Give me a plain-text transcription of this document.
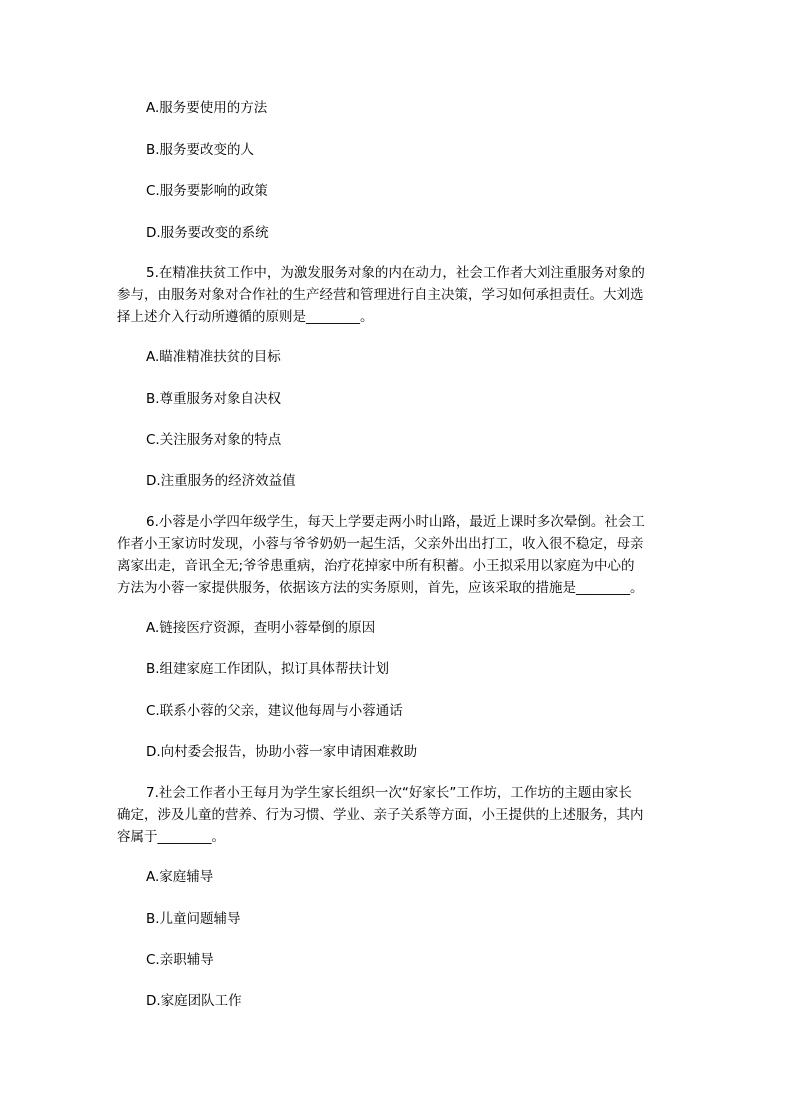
A.服务要使用的方法
B.服务要改变的人
C.服务要影响的政策
D.服务要改变的系统
5.在精准扶贫工作中，为激发服务对象的内在动力，社会工作者大刘注重服务对象的
参与，由服务对象对合作社的生产经营和管理进行自主决策，学习如何承担责任。大刘选
择上述介入行动所遵循的原则是________。
A.瞄准精准扶贫的目标
B.尊重服务对象自决权
C.关注服务对象的特点
D.注重服务的经济效益值
6.小蓉是小学四年级学生，每天上学要走两小时山路，最近上课时多次晕倒。社会工
作者小王家访时发现，小蓉与爷爷奶奶一起生活，父亲外出出打工，收入很不稳定，母亲
离家出走，音讯全无;爷爷患重病，治疗花掉家中所有积蓄。小王拟采用以家庭为中心的
方法为小蓉一家提供服务，依据该方法的实务原则，首先，应该采取的措施是________。
A.链接医疗资源，查明小蓉晕倒的原因
B.组建家庭工作团队，拟订具体帮扶计划
C.联系小蓉的父亲，建议他每周与小蓉通话
D.向村委会报告，协助小蓉一家申请困难救助
7.社会工作者小王每月为学生家长组织一次“好家长”工作坊，工作坊的主题由家长
确定，涉及儿童的营养、行为习惯、学业、亲子关系等方面，小王提供的上述服务，其内
容属于________。
A.家庭辅导
B.儿童问题辅导
C.亲职辅导
D.家庭团队工作
